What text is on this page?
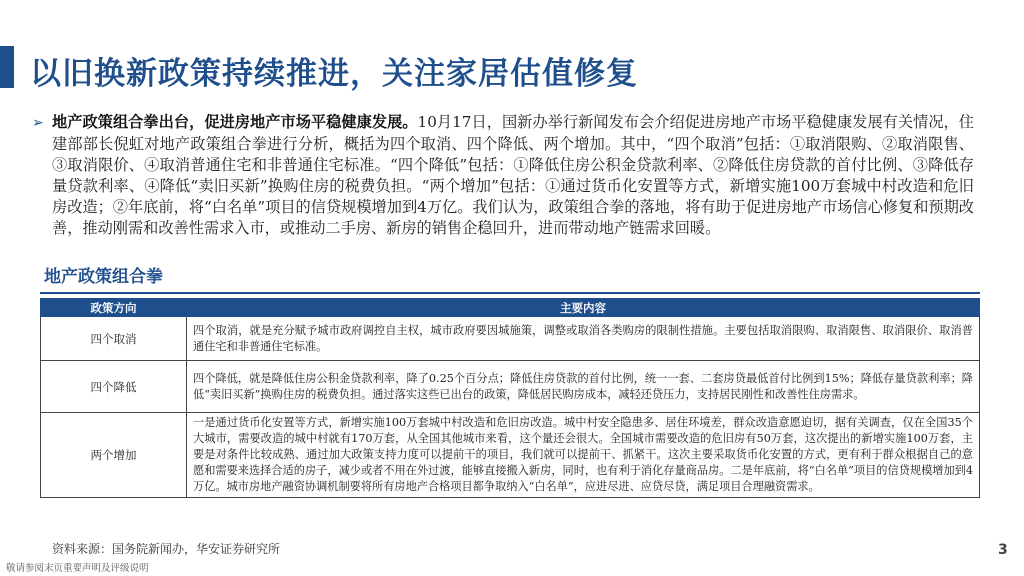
以旧换新政策持续推进，关注家居估值修复
➢ 地产政策组合拳出台，促进房地产市场平稳健康发展。10月17日，国新办举行新闻发布会介绍促进房地产市场平稳健康发展有关情况，住建部部长倪虹对地产政策组合拳进行分析，概括为四个取消、四个降低、两个增加。其中，“四个取消”包括：①取消限购、②取消限售、③取消限价、④取消普通住宅和非普通住宅标准。“四个降低”包括：①降低住房公积金贷款利率、②降低住房贷款的首付比例、③降低存量贷款利率、④降低“卖旧买新”换购住房的税费负担。“两个增加”包括：①通过货币化安置等方式，新增实施100万套城中村改造和危旧房改造；②年底前，将“白名单”项目的信贷规模增加到4万亿。我们认为，政策组合拳的落地，将有助于促进房地产市场信心修复和预期改善，推动刚需和改善性需求入市，或推动二手房、新房的销售企稳回升，进而带动地产链需求回暖。
地产政策组合拳
政策方向	主要内容
四个取消	四个取消，就是充分赋予城市政府调控自主权，城市政府要因城施策，调整或取消各类购房的限制性措施。主要包括取消限购、取消限售、取消限价、取消普通住宅和非普通住宅标准。
四个降低	四个降低，就是降低住房公积金贷款利率，降了0.25个百分点；降低住房贷款的首付比例，统一一套、二套房贷最低首付比例到15%；降低存量贷款利率；降低“卖旧买新”换购住房的税费负担。通过落实这些已出台的政策，降低居民购房成本，减轻还贷压力，支持居民刚性和改善性住房需求。
两个增加	一是通过货币化安置等方式，新增实施100万套城中村改造和危旧房改造。城中村安全隐患多、居住环境差，群众改造意愿迫切，据有关调查，仅在全国35个大城市，需要改造的城中村就有170万套，从全国其他城市来看，这个量还会很大。全国城市需要改造的危旧房有50万套，这次提出的新增实施100万套，主要是对条件比较成熟、通过加大政策支持力度可以提前干的项目，我们就可以提前干、抓紧干。这次主要采取货币化安置的方式，更有利于群众根据自己的意愿和需要来选择合适的房子，减少或者不用在外过渡，能够直接搬入新房，同时，也有利于消化存量商品房。二是年底前，将“白名单”项目的信贷规模增加到4万亿。城市房地产融资协调机制要将所有房地产合格项目都争取纳入“白名单”，应进尽进、应贷尽贷，满足项目合理融资需求。
资料来源：国务院新闻办，华安证券研究所	3
敬请参阅末页重要声明及评级说明
